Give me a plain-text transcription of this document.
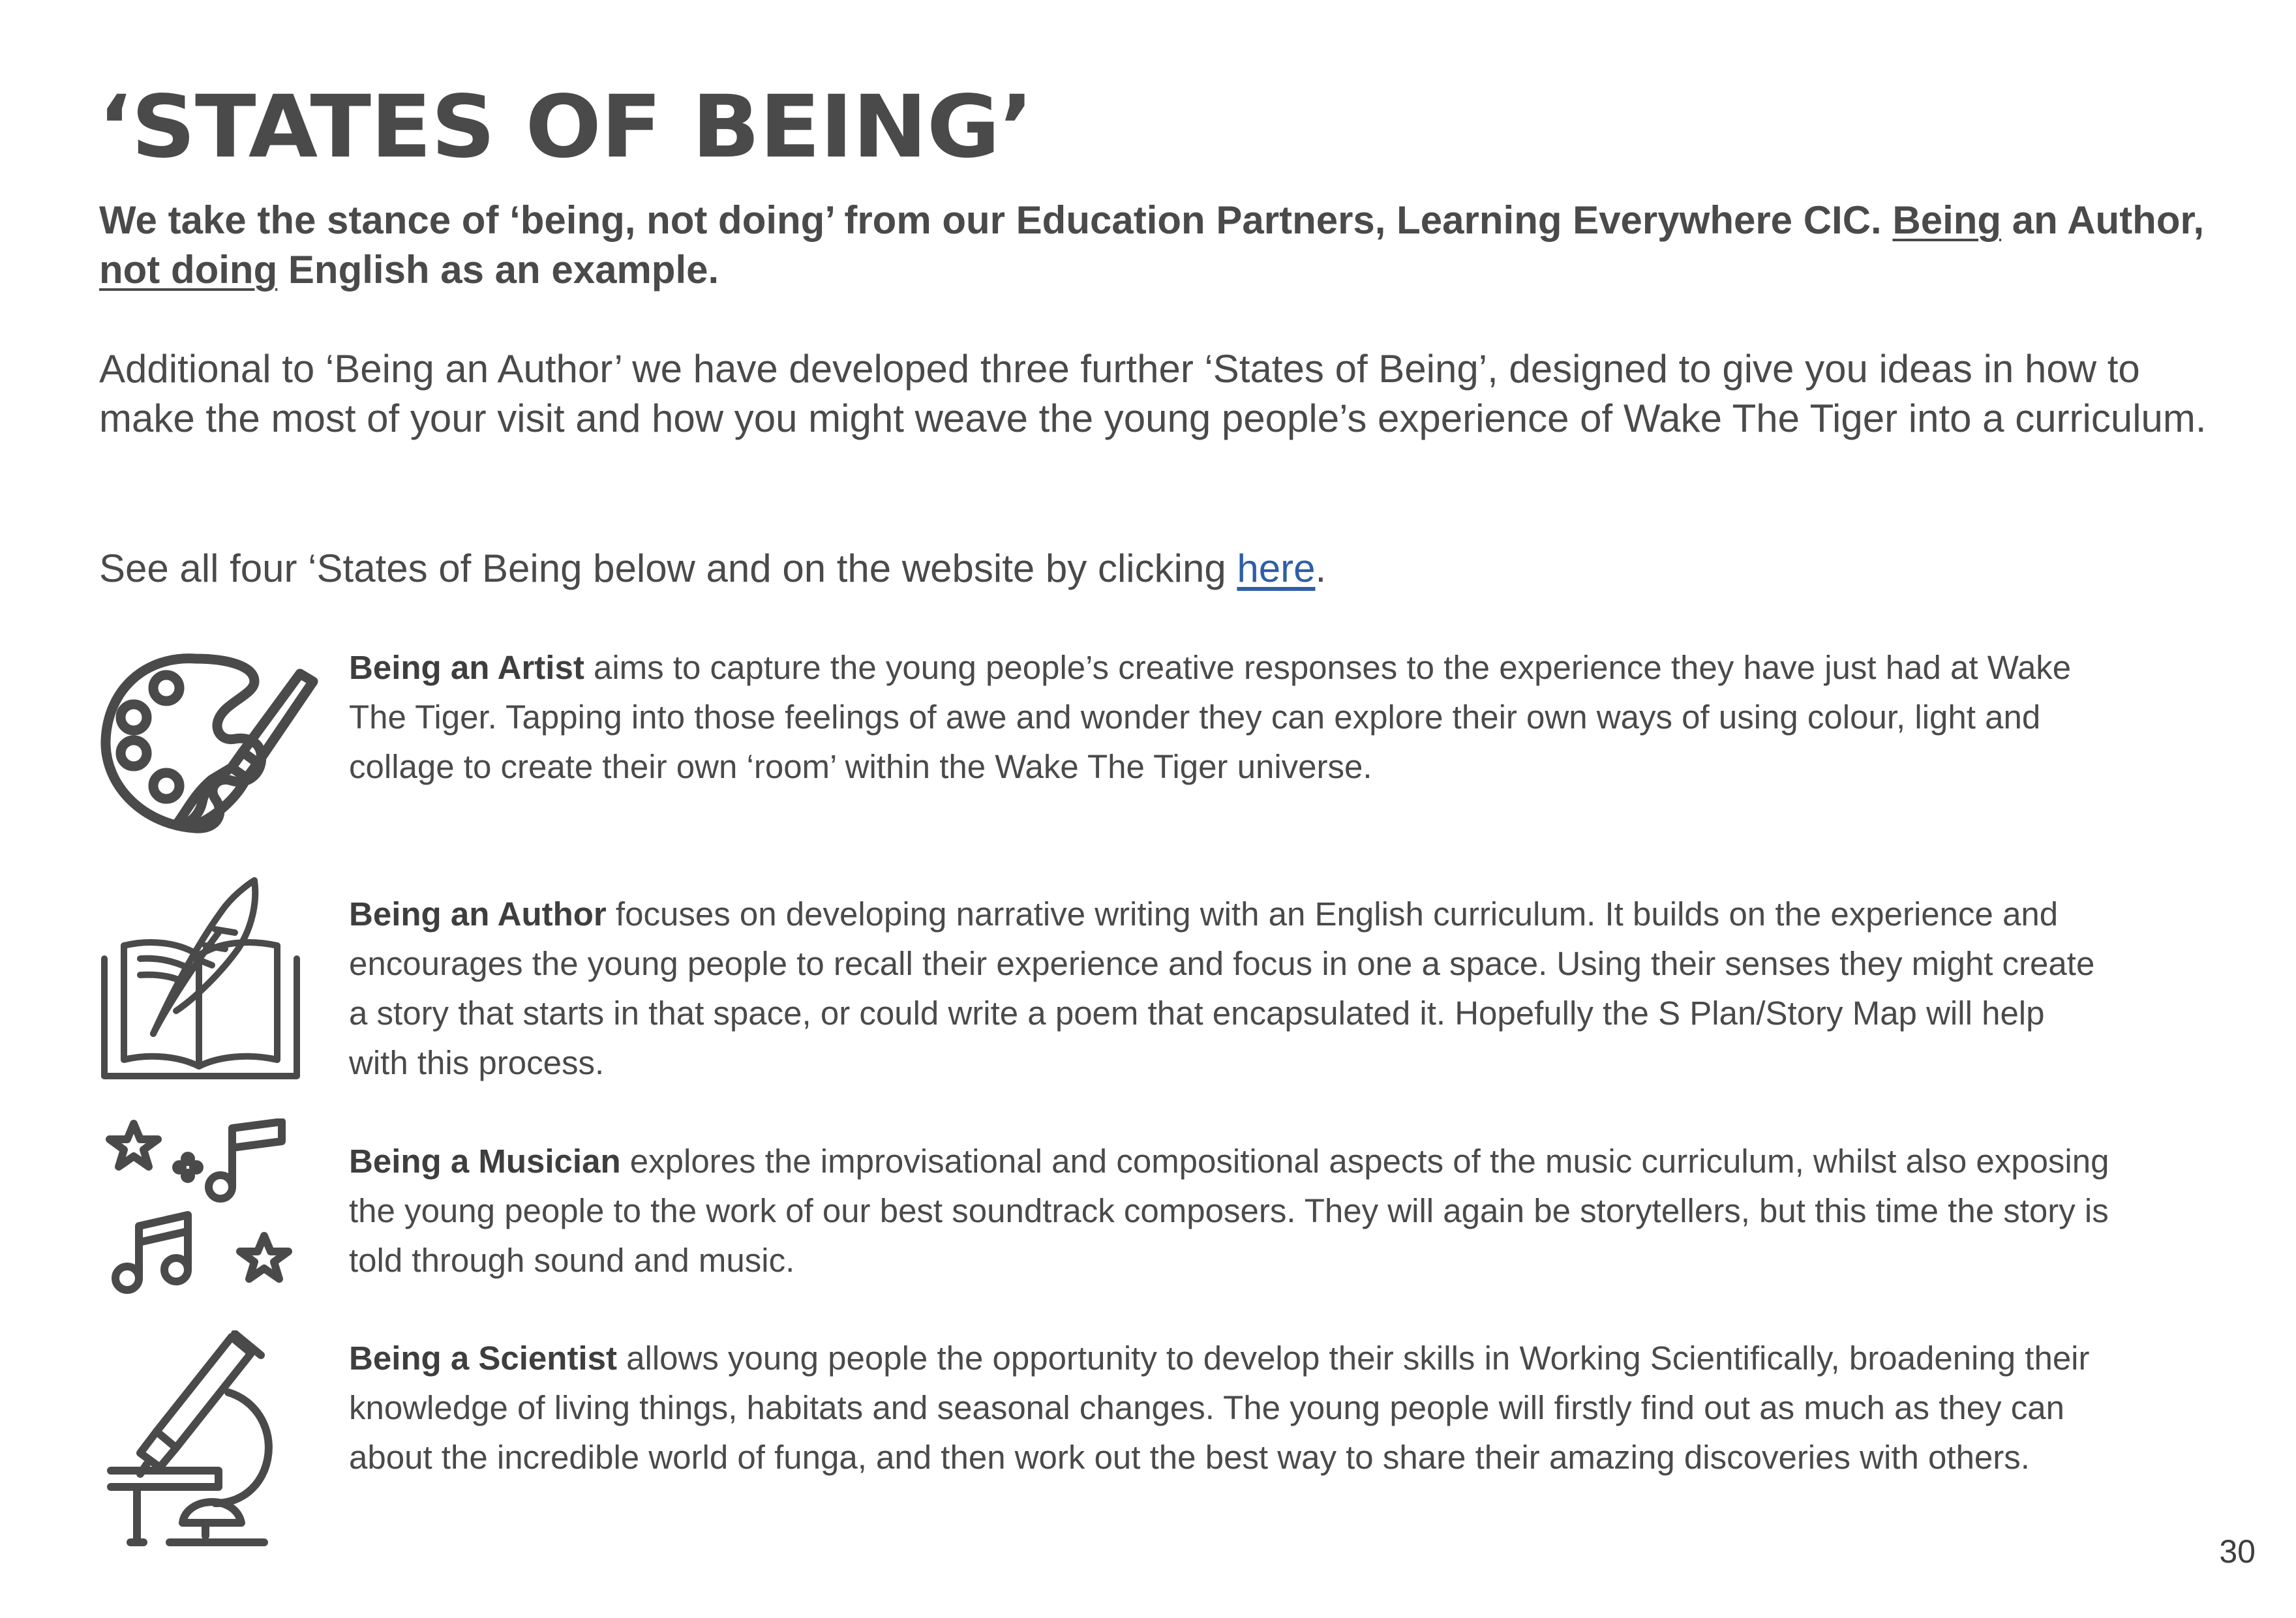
‘STATES OF BEING’
We take the stance of ‘being, not doing’ from our Education Partners, Learning Everywhere CIC. Being an Author, not doing English as an example.
Additional to ‘Being an Author’ we have developed three further ‘States of Being’, designed to give you ideas in how to make the most of your visit and how you might weave the young people’s experience of Wake The Tiger into a curriculum.
See all four ‘States of Being below and on the website by clicking here.
Being an Artist aims to capture the young people’s creative responses to the experience they have just had at Wake The Tiger. Tapping into those feelings of awe and wonder they can explore their own ways of using colour, light and collage to create their own ‘room’ within the Wake The Tiger universe.
Being an Author focuses on developing narrative writing with an English curriculum. It builds on the experience and encourages the young people to recall their experience and focus in one a space. Using their senses they might create a story that starts in that space, or could write a poem that encapsulated it. Hopefully the S Plan/Story Map will help with this process.
Being a Musician explores the improvisational and compositional aspects of the music curriculum, whilst also exposing the young people to the work of our best soundtrack composers. They will again be storytellers, but this time the story is told through sound and music.
Being a Scientist allows young people the opportunity to develop their skills in Working Scientifically, broadening their knowledge of living things, habitats and seasonal changes. The young people will firstly find out as much as they can about the incredible world of funga, and then work out the best way to share their amazing discoveries with others.
30
